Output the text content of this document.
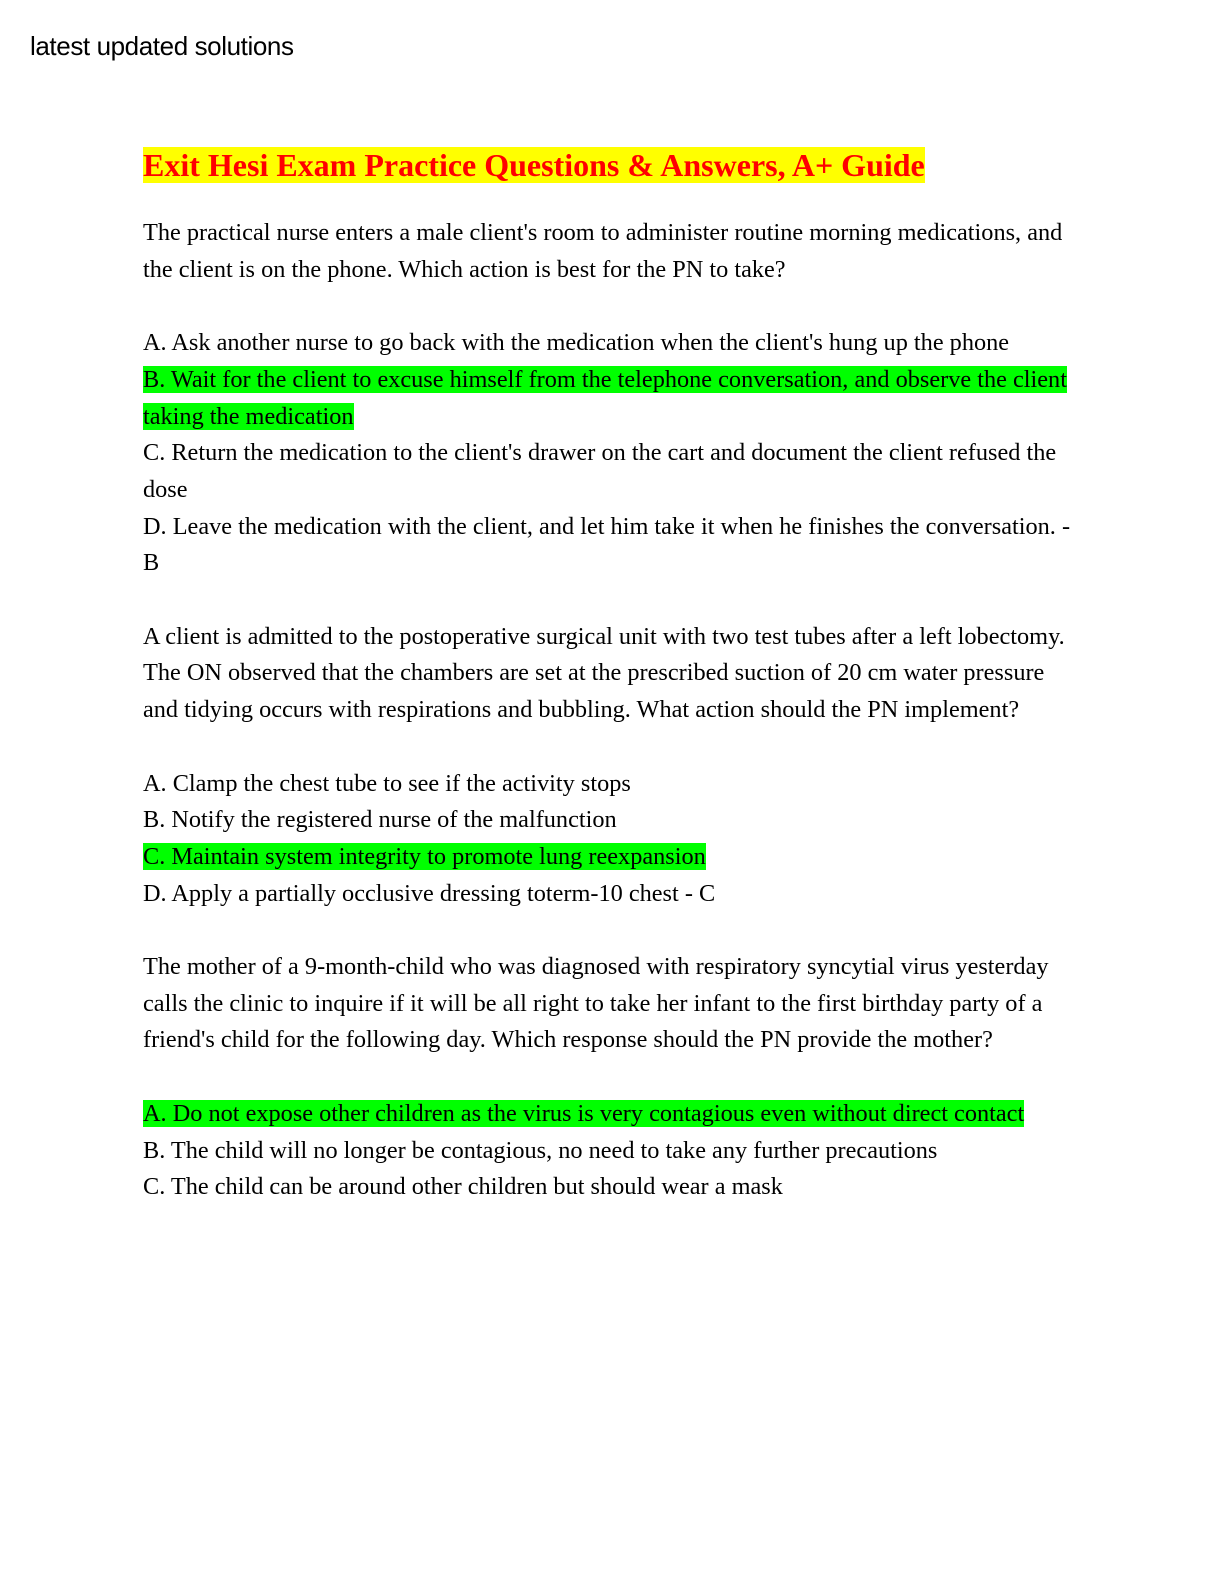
latest updated solutions

Exit Hesi Exam Practice Questions & Answers, A+ Guide

The practical nurse enters a male client's room to administer routine morning medications, and the client is on the phone. Which action is best for the PN to take?

A. Ask another nurse to go back with the medication when the client's hung up the phone

B. Wait for the client to excuse himself from the telephone conversation, and observe the client taking the medication

C. Return the medication to the client's drawer on the cart and document the client refused the dose

D. Leave the medication with the client, and let him take it when he finishes the conversation. - B

A client is admitted to the postoperative surgical unit with two test tubes after a left lobectomy. The ON observed that the chambers are set at the prescribed suction of 20 cm water pressure and tidying occurs with respirations and bubbling. What action should the PN implement?

A. Clamp the chest tube to see if the activity stops

B. Notify the registered nurse of the malfunction

C. Maintain system integrity to promote lung reexpansion

D. Apply a partially occlusive dressing toterm-10 chest - C

The mother of a 9-month-child who was diagnosed with respiratory syncytial virus yesterday calls the clinic to inquire if it will be all right to take her infant to the first birthday party of a friend's child for the following day. Which response should the PN provide the mother?

A. Do not expose other children as the virus is very contagious even without direct contact

B. The child will no longer be contagious, no need to take any further precautions

C. The child can be around other children but should wear a mask
